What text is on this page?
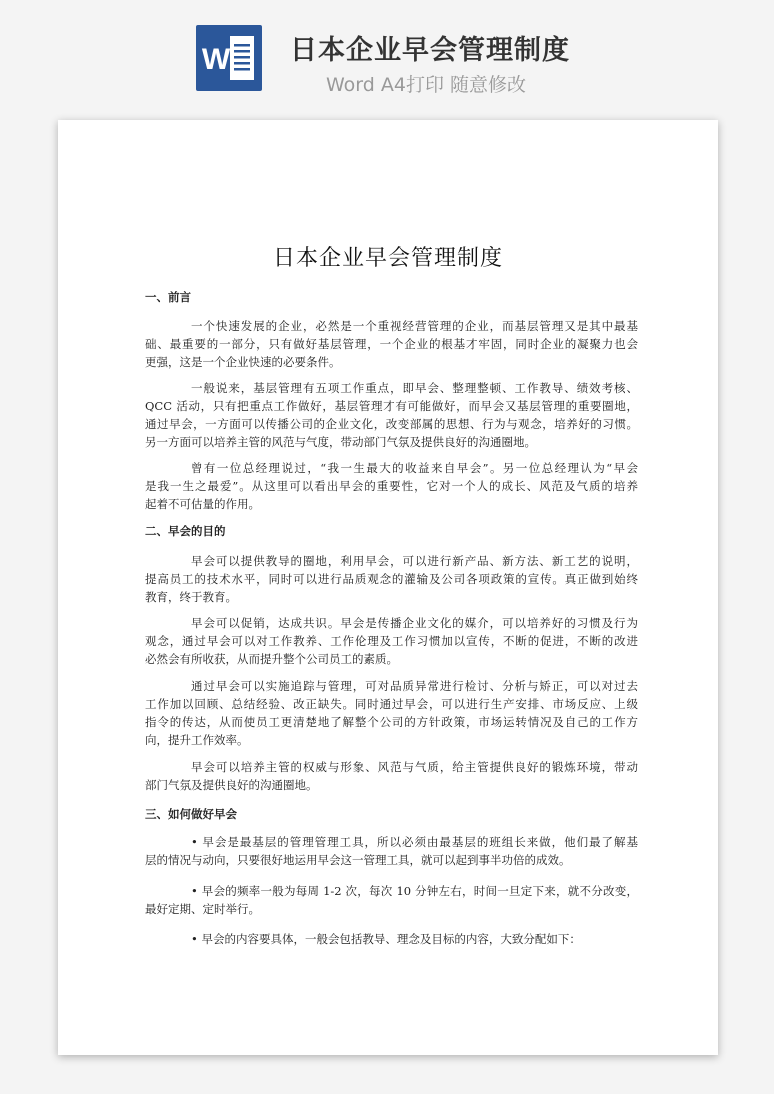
W 日本企业早会管理制度
Word A4打印 随意修改
日本企业早会管理制度
一、前言
一个快速发展的企业，必然是一个重视经营管理的企业，而基层管理又是其中最基
础、最重要的一部分，只有做好基层管理，一个企业的根基才牢固，同时企业的凝聚力也会
更强，这是一个企业快速的必要条件。
一般说来，基层管理有五项工作重点，即早会、整理整顿、工作教导、绩效考核、
QCC 活动，只有把重点工作做好，基层管理才有可能做好，而早会又基层管理的重要圈地，
通过早会，一方面可以传播公司的企业文化，改变部属的思想、行为与观念，培养好的习惯。
另一方面可以培养主管的风范与气度，带动部门气氛及提供良好的沟通圈地。
曾有一位总经理说过，“我一生最大的收益来自早会”。另一位总经理认为“早会
是我一生之最爱”。从这里可以看出早会的重要性，它对一个人的成长、风范及气质的培养
起着不可估量的作用。
二、早会的目的
早会可以提供教导的圈地，利用早会，可以进行新产品、新方法、新工艺的说明，
提高员工的技术水平，同时可以进行品质观念的灌输及公司各项政策的宣传。真正做到始终
教育，终于教育。
早会可以促销，达成共识。早会是传播企业文化的媒介，可以培养好的习惯及行为
观念，通过早会可以对工作教养、工作伦理及工作习惯加以宣传，不断的促进，不断的改进
必然会有所收获，从而提升整个公司员工的素质。
通过早会可以实施追踪与管理，可对品质异常进行检讨、分析与矫正，可以对过去
工作加以回顾、总结经验、改正缺失。同时通过早会，可以进行生产安排、市场反应、上级
指令的传达，从而使员工更清楚地了解整个公司的方针政策，市场运转情况及自己的工作方
向，提升工作效率。
早会可以培养主管的权威与形象、风范与气质，给主管提供良好的锻炼环境，带动
部门气氛及提供良好的沟通圈地。
三、如何做好早会
• 早会是最基层的管理管理工具，所以必须由最基层的班组长来做，他们最了解基
层的情况与动向，只要很好地运用早会这一管理工具，就可以起到事半功倍的成效。
• 早会的频率一般为每周 1-2 次，每次 10 分钟左右，时间一旦定下来，就不分改变，
最好定期、定时举行。
• 早会的内容要具体，一般会包括教导、理念及目标的内容，大致分配如下：
